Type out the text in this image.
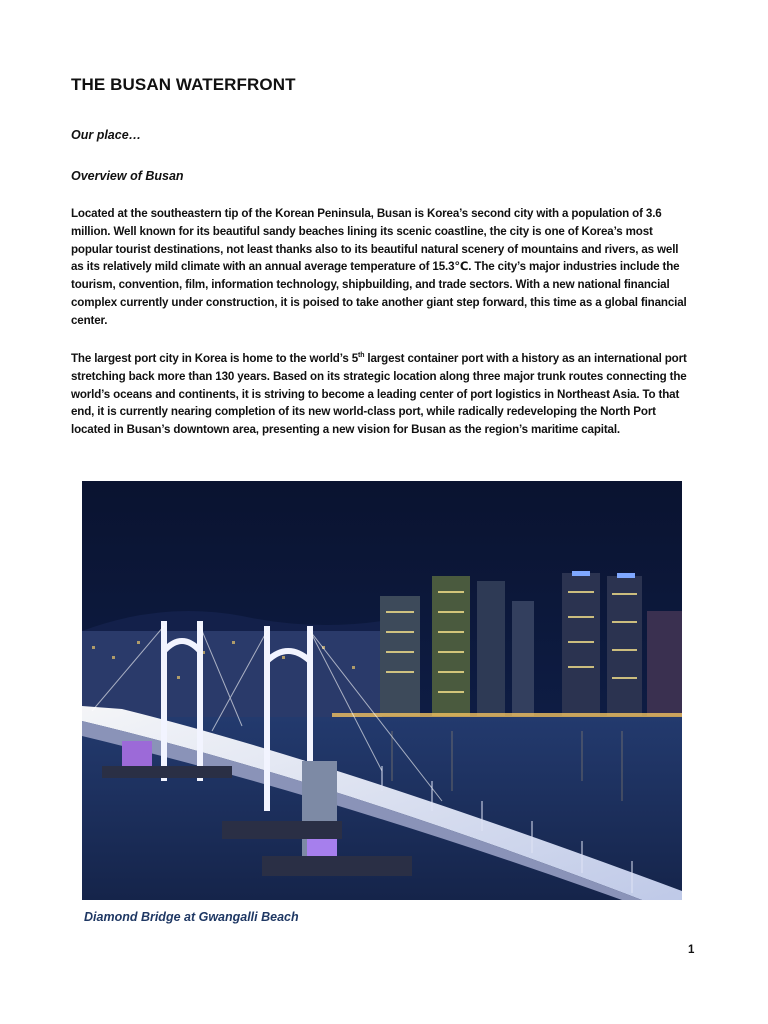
THE BUSAN WATERFRONT
Our place…
Overview of Busan

Located at the southeastern tip of the Korean Peninsula, Busan is Korea’s second city with a population of 3.6 million. Well known for its beautiful sandy beaches lining its scenic coastline, the city is one of Korea’s most popular tourist destinations, not least thanks also to its beautiful natural scenery of mountains and rivers, as well as its relatively mild climate with an annual average temperature of 15.3℃. The city’s major industries include the tourism, convention, film, information technology, shipbuilding, and trade sectors. With a new national financial complex currently under construction, it is poised to take another giant step forward, this time as a global financial center.

The largest port city in Korea is home to the world’s 5th largest container port with a history as an international port stretching back more than 130 years. Based on its strategic location along three major trunk routes connecting the world’s oceans and continents, it is striving to become a leading center of port logistics in Northeast Asia. To that end, it is currently nearing completion of its new world-class port, while radically redeveloping the North Port located in Busan’s downtown area, presenting a new vision for Busan as the region’s maritime capital.

Diamond Bridge at Gwangalli Beach
1
